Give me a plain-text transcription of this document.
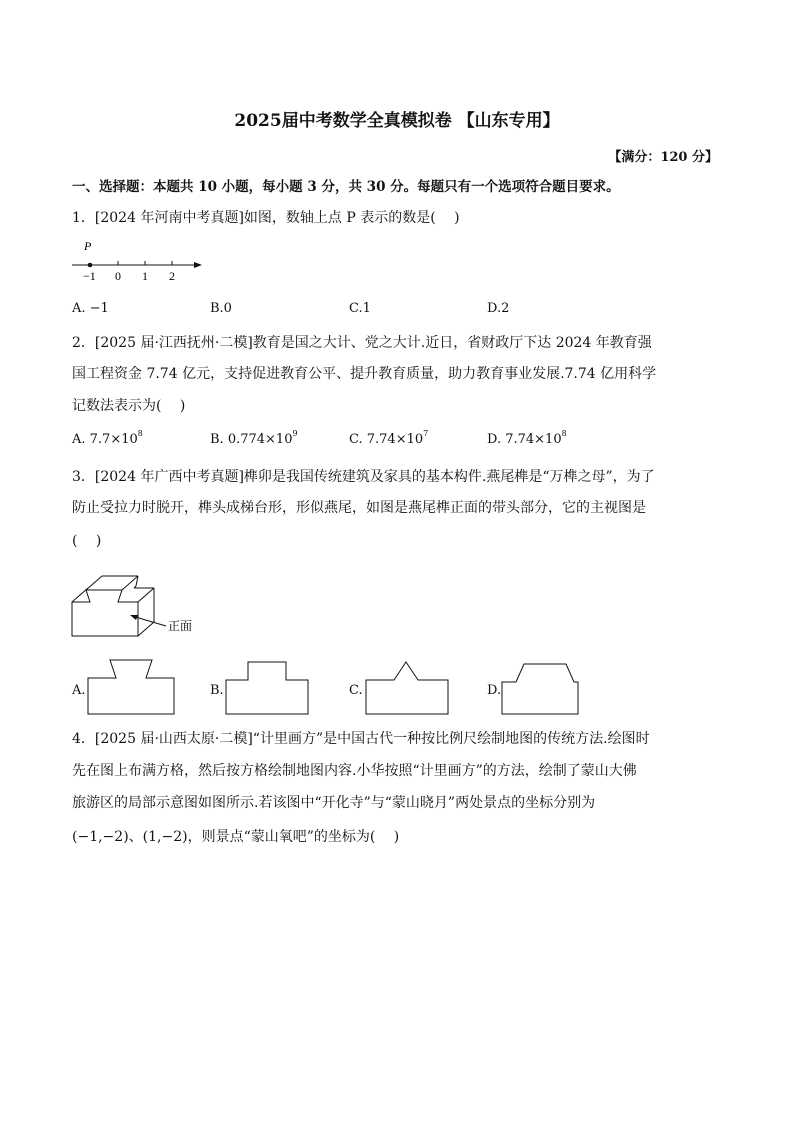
2025届中考数学全真模拟卷 【山东专用】
【满分：120 分】
一、选择题：本题共 10 小题，每小题 3 分，共 30 分。每题只有一个选项符合题目要求。
1．[2024 年河南中考真题]如图，数轴上点 P 表示的数是(　 )
P
−1 0 1 2
A. −1	B.0	C.1	D.2
2．[2025 届·江西抚州·二模]教育是国之大计、党之大计.近日，省财政厅下达 2024 年教育强
国工程资金 7.74 亿元，支持促进教育公平、提升教育质量，助力教育事业发展.7.74 亿用科学
记数法表示为(　 )
A. $7.7\times 10^8$	B. $0.774\times 10^9$	C. $7.74\times 10^7$	D. $7.74\times 10^8$
3．[2024 年广西中考真题]榫卯是我国传统建筑及家具的基本构件.燕尾榫是“万榫之母”，为了
防止受拉力时脱开，榫头成梯台形，形似燕尾，如图是燕尾榫正面的带头部分，它的主视图是
(　 )
正面
A.	B.	C.	D.
4．[2025 届·山西太原·二模]“计里画方”是中国古代一种按比例尺绘制地图的传统方法.绘图时
先在图上布满方格，然后按方格绘制地图内容.小华按照“计里画方”的方法，绘制了蒙山大佛
旅游区的局部示意图如图所示.若该图中“开化寺”与“蒙山晓月”两处景点的坐标分别为
(−1,−2)、(1,−2)，则景点“蒙山氧吧”的坐标为(　 )
